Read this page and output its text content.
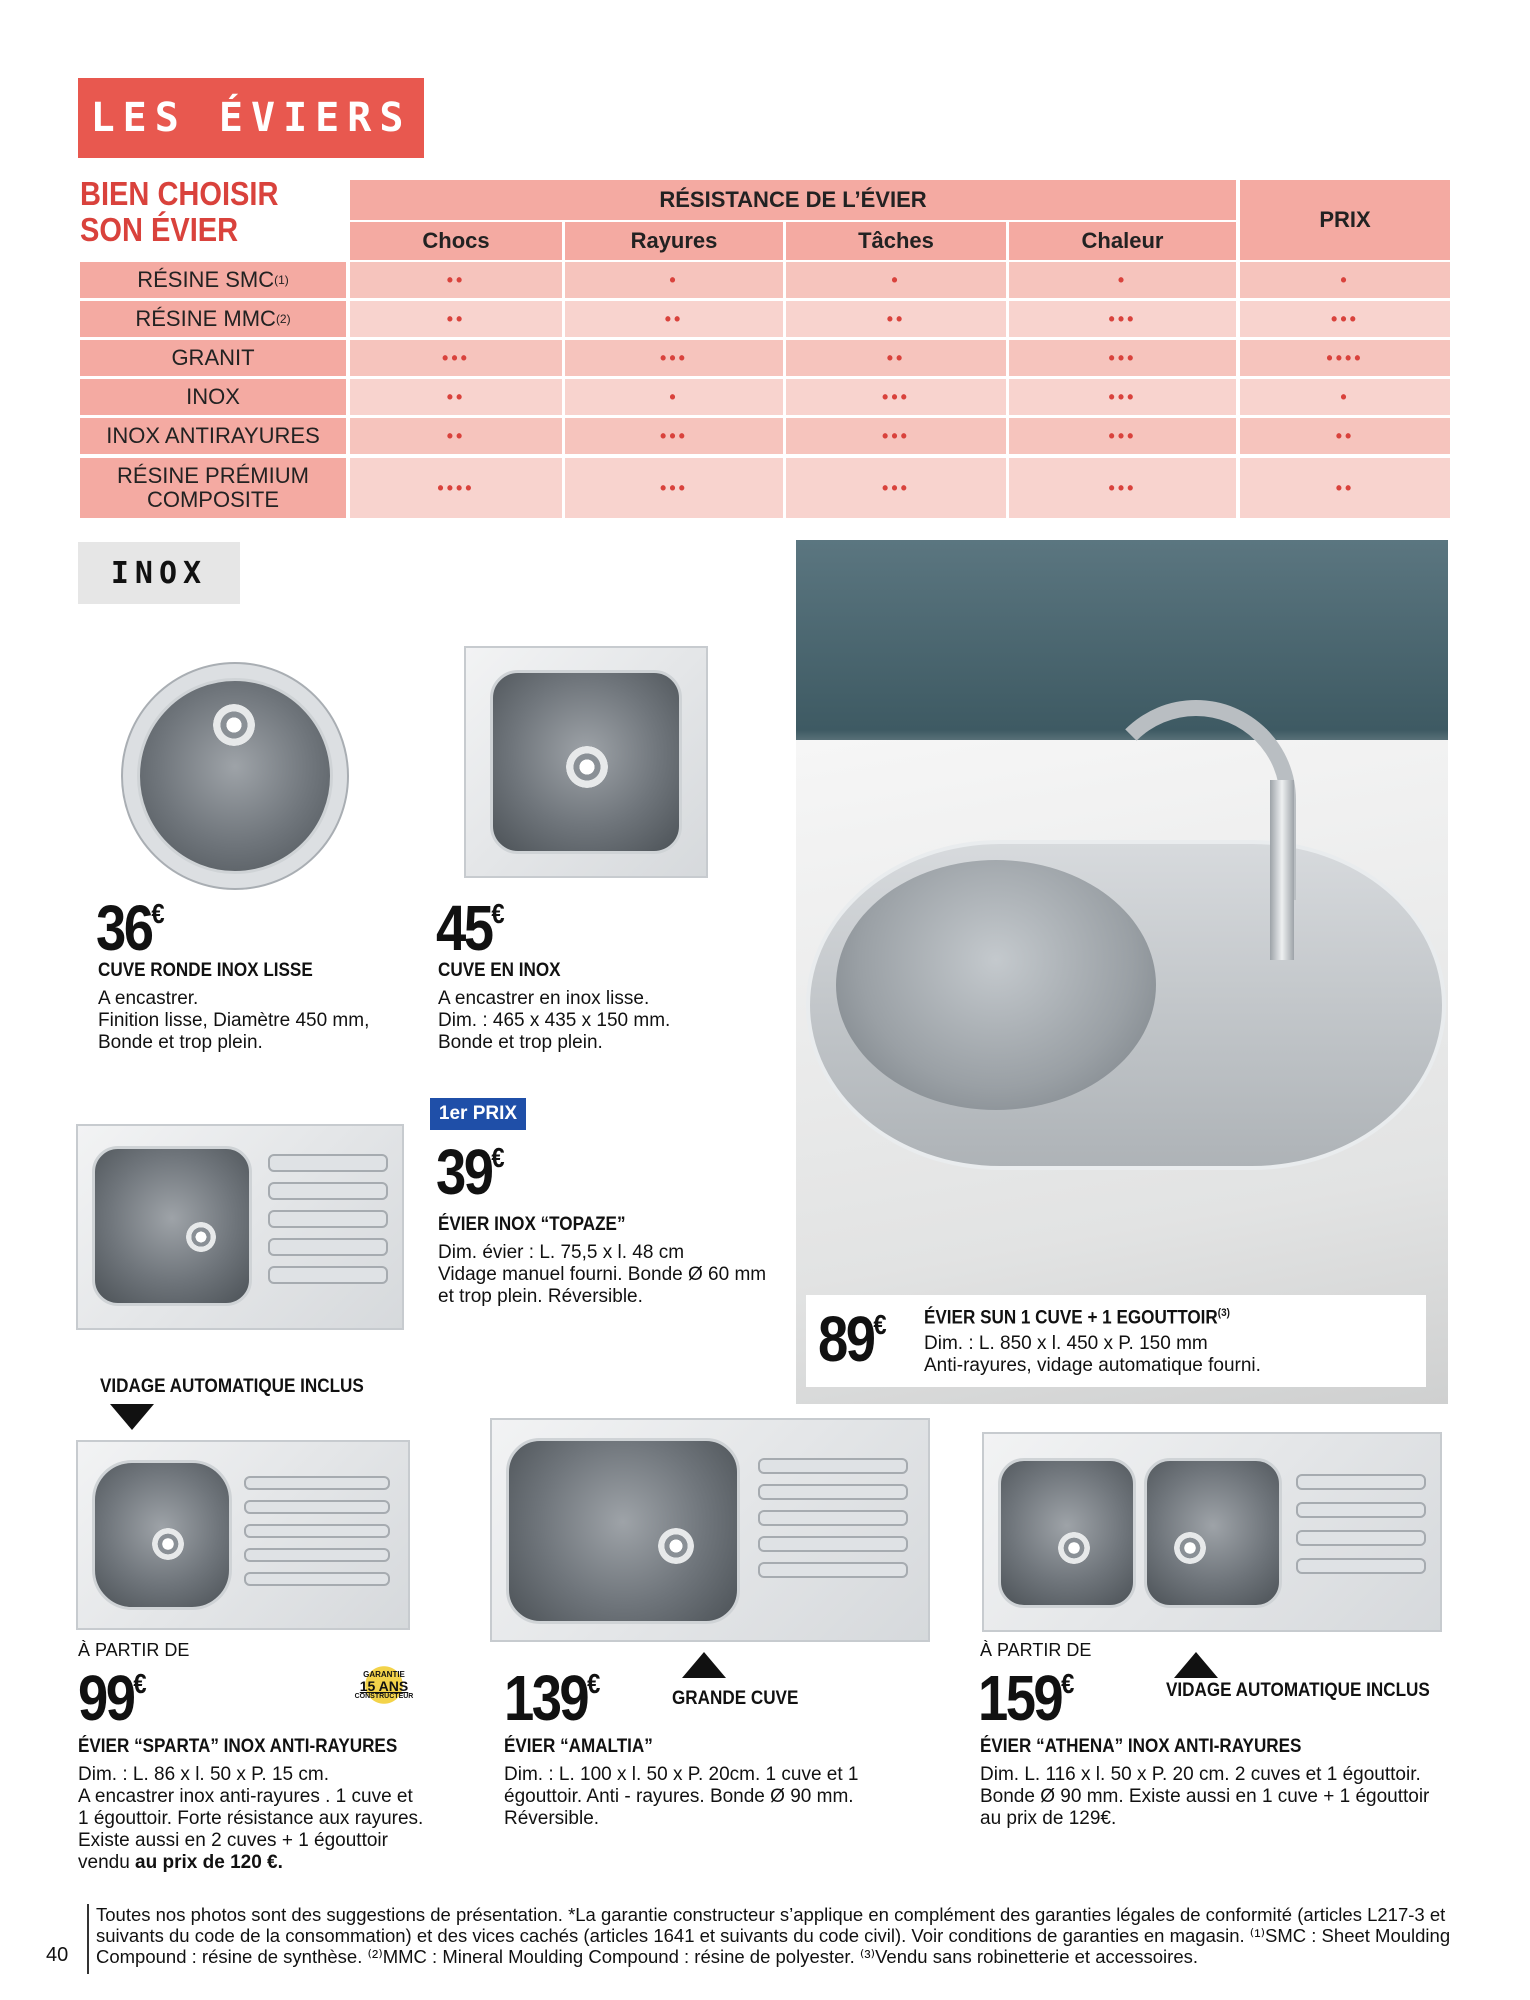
LES ÉVIERS
BIEN CHOISIR SON ÉVIER
RÉSISTANCE DE L’ÉVIER
PRIX
Chocs	Rayures	Tâches	Chaleur
RÉSINE SMC (1)	••	•	•	•	•
RÉSINE MMC (2)	••	••	••	•••	•••
GRANIT	•••	•••	••	•••	••••
INOX	••	•	•••	•••	•
INOX ANTIRAYURES	••	•••	•••	•••	••
RÉSINE PRÉMIUM COMPOSITE	••••	•••	•••	•••	••
INOX
36€
CUVE RONDE INOX LISSE
A encastrer.
Finition lisse, Diamètre 450 mm,
Bonde et trop plein.
45€
CUVE EN INOX
A encastrer en inox lisse.
Dim. : 465 x 435 x 150 mm.
Bonde et trop plein.
1er PRIX
39€
ÉVIER INOX “TOPAZE”
Dim. évier : L. 75,5 x l. 48 cm
Vidage manuel fourni. Bonde Ø 60 mm
et trop plein. Réversible.
89€ ÉVIER SUN 1 CUVE + 1 EGOUTTOIR$^{(3)}$
Dim. : L. 850 x l. 450 x P. 150 mm
Anti-rayures, vidage automatique fourni.
VIDAGE AUTOMATIQUE INCLUS
À PARTIR DE
99€	GARANTIE
15 ANS
CONSTRUCTEUR
ÉVIER “SPARTA” INOX ANTI-RAYURES
Dim. : L. 86 x l. 50 x P. 15 cm.
A encastrer inox anti-rayures . 1 cuve et
1 égouttoir. Forte résistance aux rayures.
Existe aussi en 2 cuves + 1 égouttoir
vendu au prix de 120 €.
139€	GRANDE CUVE
ÉVIER “AMALTIA”
Dim. : L. 100 x l. 50 x P. 20cm. 1 cuve et 1
égouttoir. Anti - rayures. Bonde Ø 90 mm.
Réversible.
À PARTIR DE
159€	VIDAGE AUTOMATIQUE INCLUS
ÉVIER “ATHENA” INOX ANTI-RAYURES
Dim. L. 116 x l. 50 x P. 20 cm. 2 cuves et 1 égouttoir.
Bonde Ø 90 mm. Existe aussi en 1 cuve + 1 égouttoir
au prix de 129€.
40
Toutes nos photos sont des suggestions de présentation. *La garantie constructeur s’applique en complément des garanties légales de conformité (articles L217-3 et
suivants du code de la consommation) et des vices cachés (articles 1641 et suivants du code civil). Voir conditions de garanties en magasin. ⁽¹⁾SMC : Sheet Moulding
Compound : résine de synthèse. ⁽²⁾MMC : Mineral Moulding Compound : résine de polyester. ⁽³⁾Vendu sans robinetterie et accessoires.
